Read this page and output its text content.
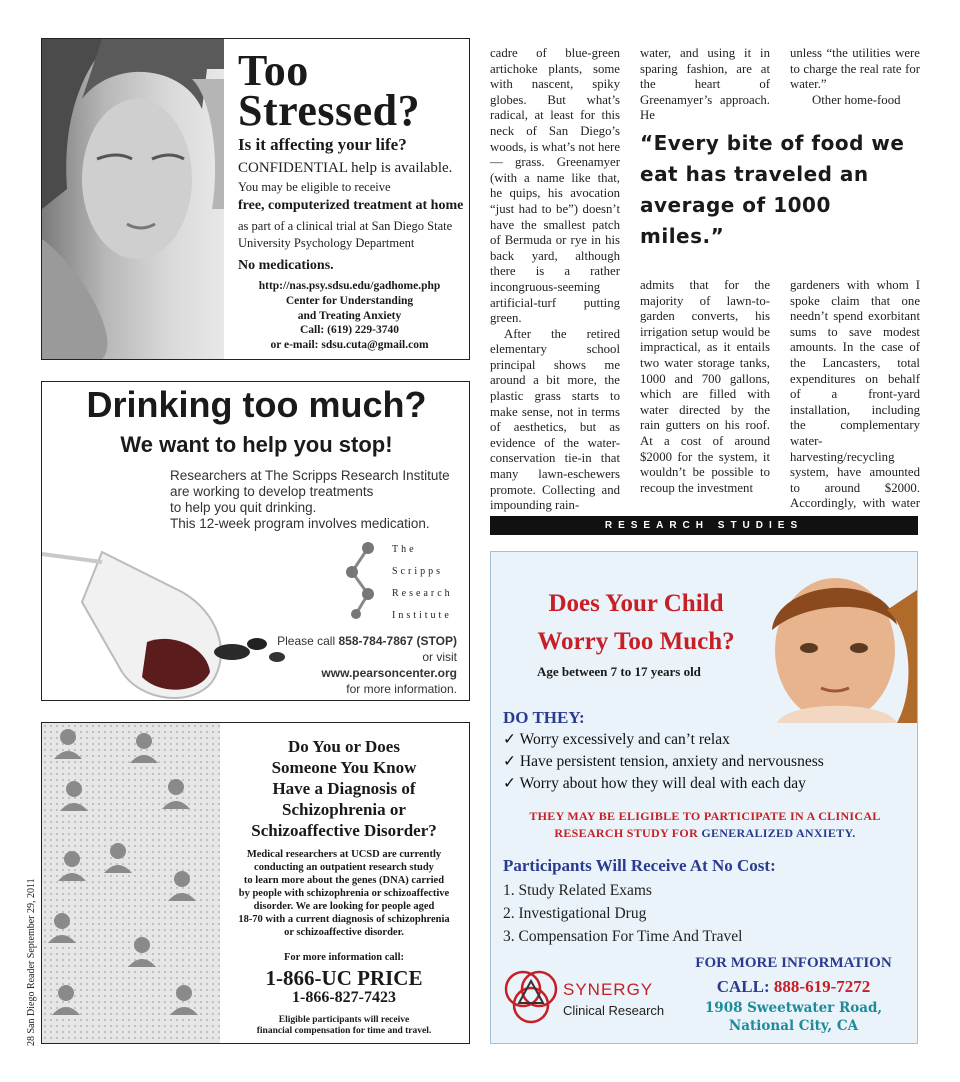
Too
Stressed?
Is it affecting your life?
CONFIDENTIAL help is available.
You may be eligible to receive
free, computerized treatment at home
as part of a clinical trial at San Diego State
University Psychology Department
No medications.
http://nas.psy.sdsu.edu/gadhome.php
Center for Understanding
and Treating Anxiety
Call: (619) 229-3740
or e-mail: sdsu.cuta@gmail.com
Drinking too much?
We want to help you stop!
Researchers at The Scripps Research Institute
are working to develop treatments
to help you quit drinking.
This 12-week program involves medication.
The
Scripps
Research
Institute
Please call 858-784-7867 (STOP)
or visit
www.pearsoncenter.org
for more information.
Do You or Does
Someone You Know
Have a Diagnosis of
Schizophrenia or
Schizoaffective Disorder?
Medical researchers at UCSD are currently
conducting an outpatient research study
to learn more about the genes (DNA) carried
by people with schizophrenia or schizoaffective
disorder. We are looking for people aged
18-70 with a current diagnosis of schizophrenia
or schizoaffective disorder.
For more information call:
1-866-UC PRICE
1-866-827-7423
Eligible participants will receive
financial compensation for time and travel.
28 San Diego Reader September 29, 2011
cadre of blue-green artichoke plants, some with nascent, spiky globes. But what’s radical, at least for this neck of San Diego’s woods, is what’s not here — grass. Greenamyer (with a name like that, he quips, his avocation “just had to be”) doesn’t have the smallest patch of Bermuda or rye in his back yard, although there is a rather incongruous-seeming artificial-turf putting green.
After the retired elementary school principal shows me around a bit more, the plastic grass starts to make sense, not in terms of aesthetics, but as evidence of the water-conservation tie-in that many lawn-eschewers promote. Collecting and impounding rain-
water, and using it in sparing fashion, are at the heart of Greenamyer’s approach. He
unless “the utilities were to charge the real rate for water.”
Other home-food
“Every bite of food we eat has traveled an average of 1000 miles.”
admits that for the majority of lawn-to-garden converts, his irrigation setup would be impractical, as it entails two water storage tanks, 1000 and 700 gallons, which are filled with water directed by the rain gutters on his roof. At a cost of around $2000 for the system, it wouldn’t be possible to recoup the investment
gardeners with whom I spoke claim that one needn’t spend exorbitant sums to save modest amounts. In the case of the Lancasters, total expenditures on behalf of a front-yard installation, including the complementary water-harvesting/recycling system, have amounted to around $2000. Accordingly, with water
RESEARCH STUDIES
Does Your Child
Worry Too Much?
Age between 7 to 17 years old
DO THEY:
✓ Worry excessively and can’t relax
✓ Have persistent tension, anxiety and nervousness
✓ Worry about how they will deal with each day
THEY MAY BE ELIGIBLE TO PARTICIPATE IN A CLINICAL
RESEARCH STUDY FOR GENERALIZED ANXIETY.
Participants Will Receive At No Cost:
1. Study Related Exams
2. Investigational Drug
3. Compensation For Time And Travel
SYNERGY
Clinical Research
FOR MORE INFORMATION
CALL: 888-619-7272
1908 Sweetwater Road,
National City, CA
